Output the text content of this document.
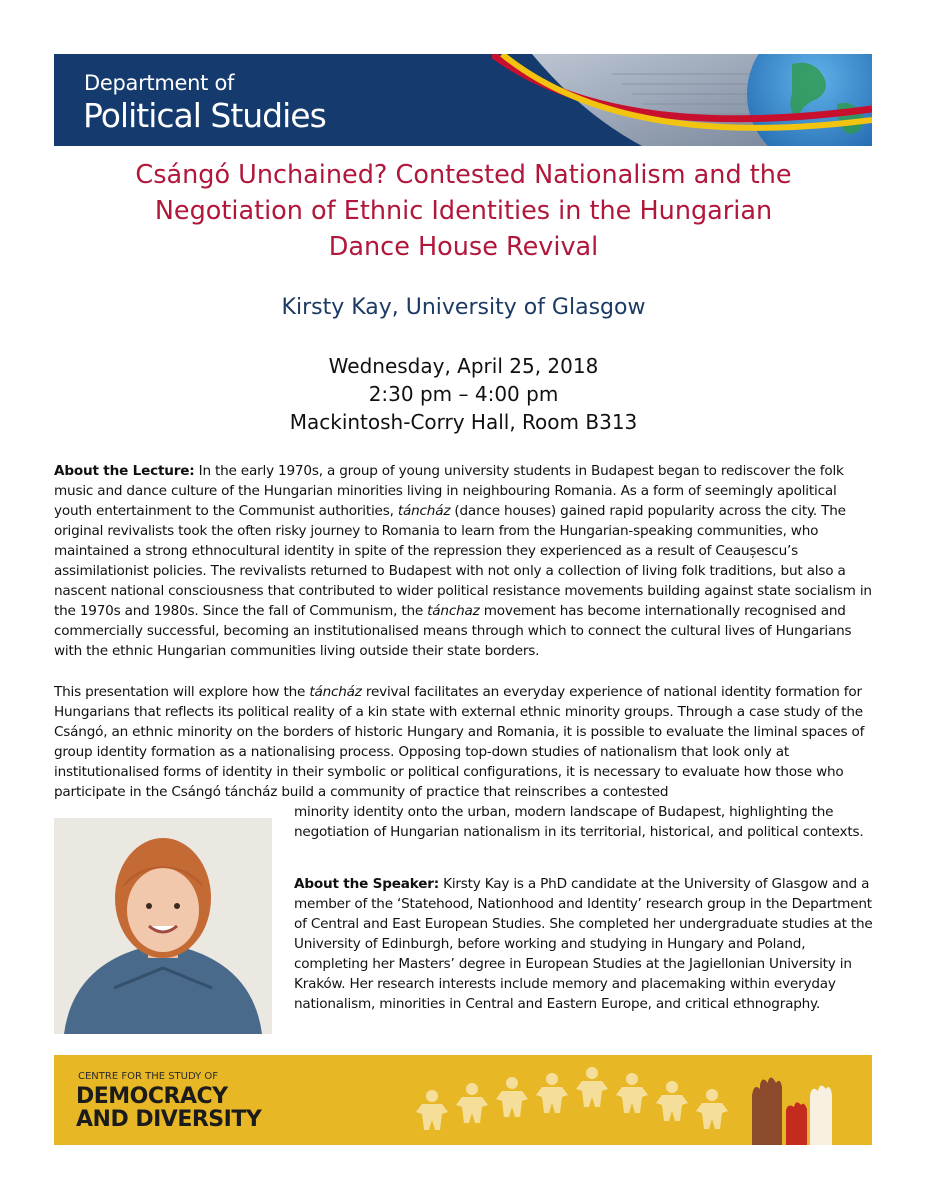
Department of
Political Studies
Csángó Unchained? Contested Nationalism and the
Negotiation of Ethnic Identities in the Hungarian
Dance House Revival
Kirsty Kay, University of Glasgow
Wednesday, April 25, 2018
2:30 pm – 4:00 pm
Mackintosh-Corry Hall, Room B313
About the Lecture: In the early 1970s, a group of young university students in Budapest began to rediscover the folk music and dance culture of the Hungarian minorities living in neighbouring Romania. As a form of seemingly apolitical youth entertainment to the Communist authorities, táncház (dance houses) gained rapid popularity across the city. The original revivalists took the often risky journey to Romania to learn from the Hungarian-speaking communities, who maintained a strong ethnocultural identity in spite of the repression they experienced as a result of Ceaușescu’s assimilationist policies. The revivalists returned to Budapest with not only a collection of living folk traditions, but also a nascent national consciousness that contributed to wider political resistance movements building against state socialism in the 1970s and 1980s. Since the fall of Communism, the tánchaz movement has become internationally recognised and commercially successful, becoming an institutionalised means through which to connect the cultural lives of Hungarians with the ethnic Hungarian communities living outside their state borders.
This presentation will explore how the táncház revival facilitates an everyday experience of national identity formation for Hungarians that reflects its political reality of a kin state with external ethnic minority groups. Through a case study of the Csángó, an ethnic minority on the borders of historic Hungary and Romania, it is possible to evaluate the liminal spaces of group identity formation as a nationalising process. Opposing top-down studies of nationalism that look only at institutionalised forms of identity in their symbolic or political configurations, it is necessary to evaluate how those who participate in the Csángó táncház build a community of practice that reinscribes a contested
minority identity onto the urban, modern landscape of Budapest, highlighting the negotiation of Hungarian nationalism in its territorial, historical, and political contexts.
About the Speaker: Kirsty Kay is a PhD candidate at the University of Glasgow and a member of the ‘Statehood, Nationhood and Identity’ research group in the Department of Central and East European Studies. She completed her undergraduate studies at the University of Edinburgh, before working and studying in Hungary and Poland, completing her Masters’ degree in European Studies at the Jagiellonian University in Kraków. Her research interests include memory and placemaking within everyday nationalism, minorities in Central and Eastern Europe, and critical ethnography.
CENTRE FOR THE STUDY OF
DEMOCRACY
AND DIVERSITY
